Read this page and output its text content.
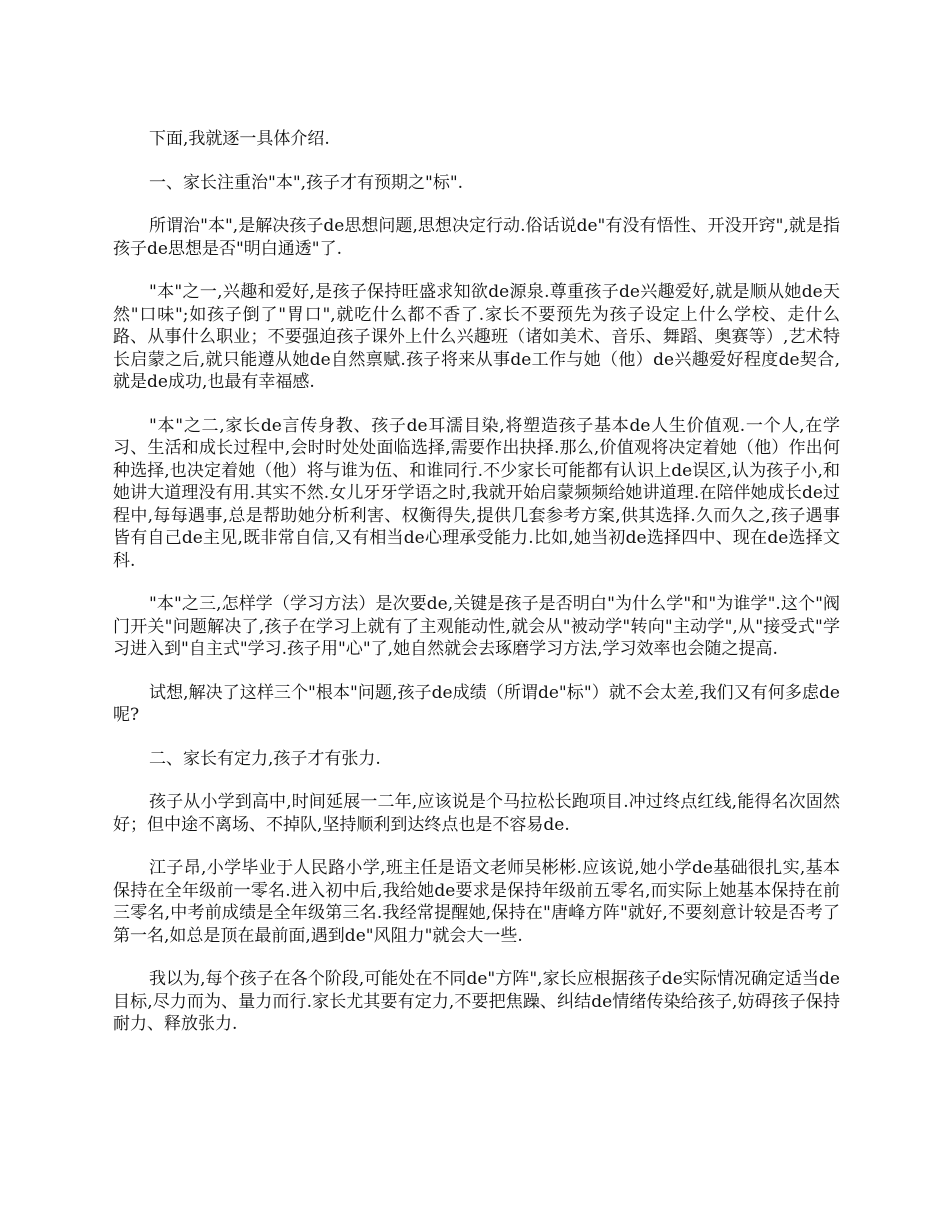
下面,我就逐一具体介绍.

一、家长注重治"本",孩子才有预期之"标".

所谓治"本",是解决孩子de思想问题,思想决定行动.俗话说de"有没有悟性、开没开窍",就是指孩子de思想是否"明白通透"了.

"本"之一,兴趣和爱好,是孩子保持旺盛求知欲de源泉.尊重孩子de兴趣爱好,就是顺从她de天然"口味";如孩子倒了"胃口",就吃什么都不香了.家长不要预先为孩子设定上什么学校、走什么路、从事什么职业；不要强迫孩子课外上什么兴趣班（诸如美术、音乐、舞蹈、奥赛等）,艺术特长启蒙之后,就只能遵从她de自然禀赋.孩子将来从事de工作与她（他）de兴趣爱好程度de契合,就是de成功,也最有幸福感.

"本"之二,家长de言传身教、孩子de耳濡目染,将塑造孩子基本de人生价值观.一个人,在学习、生活和成长过程中,会时时处处面临选择,需要作出抉择.那么,价值观将决定着她（他）作出何种选择,也决定着她（他）将与谁为伍、和谁同行.不少家长可能都有认识上de误区,认为孩子小,和她讲大道理没有用.其实不然.女儿牙牙学语之时,我就开始启蒙频频给她讲道理.在陪伴她成长de过程中,每每遇事,总是帮助她分析利害、权衡得失,提供几套参考方案,供其选择.久而久之,孩子遇事皆有自己de主见,既非常自信,又有相当de心理承受能力.比如,她当初de选择四中、现在de选择文科.

"本"之三,怎样学（学习方法）是次要de,关键是孩子是否明白"为什么学"和"为谁学".这个"阀门开关"问题解决了,孩子在学习上就有了主观能动性,就会从"被动学"转向"主动学",从"接受式"学习进入到"自主式"学习.孩子用"心"了,她自然就会去琢磨学习方法,学习效率也会随之提高.

试想,解决了这样三个"根本"问题,孩子de成绩（所谓de"标"）就不会太差,我们又有何多虑de呢?

二、家长有定力,孩子才有张力.

孩子从小学到高中,时间延展一二年,应该说是个马拉松长跑项目.冲过终点红线,能得名次固然好；但中途不离场、不掉队,坚持顺利到达终点也是不容易de.

江子昂,小学毕业于人民路小学,班主任是语文老师吴彬彬.应该说,她小学de基础很扎实,基本保持在全年级前一零名.进入初中后,我给她de要求是保持年级前五零名,而实际上她基本保持在前三零名,中考前成绩是全年级第三名.我经常提醒她,保持在"唐峰方阵"就好,不要刻意计较是否考了第一名,如总是顶在最前面,遇到de"风阻力"就会大一些.

我以为,每个孩子在各个阶段,可能处在不同de"方阵",家长应根据孩子de实际情况确定适当de目标,尽力而为、量力而行.家长尤其要有定力,不要把焦躁、纠结de情绪传染给孩子,妨碍孩子保持耐力、释放张力.
